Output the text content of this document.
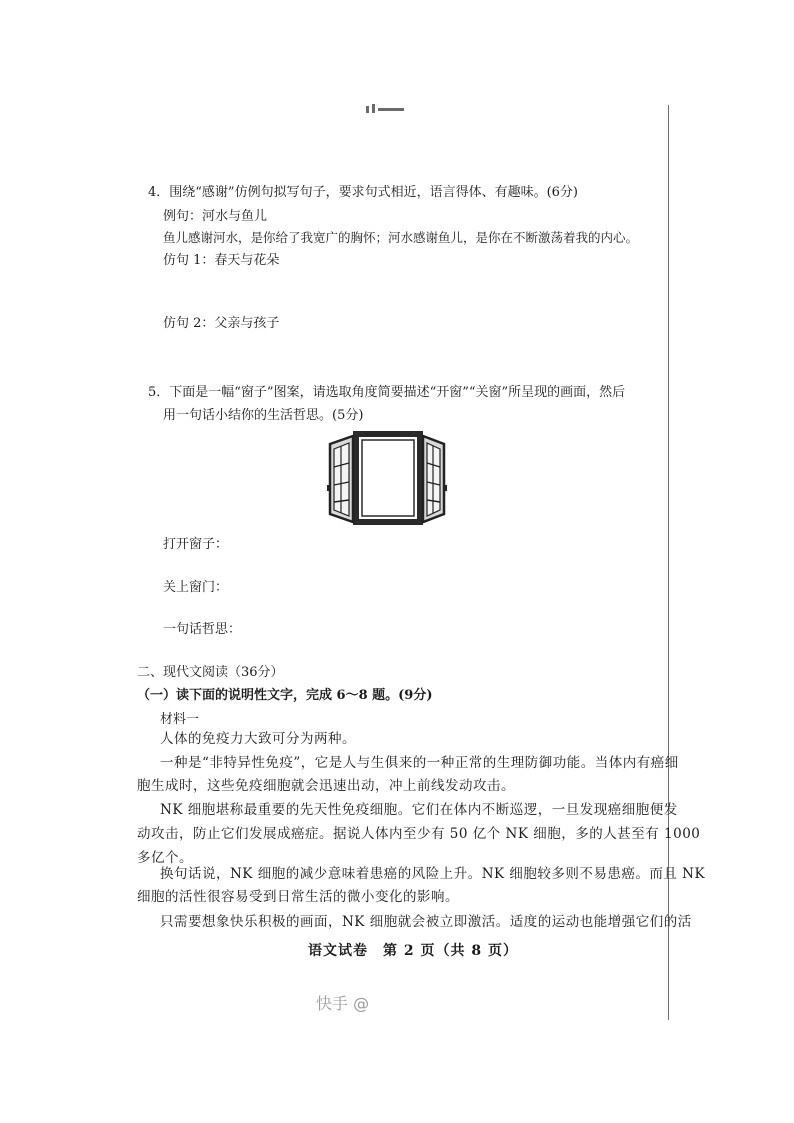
4．围绕“感谢”仿例句拟写句子，要求句式相近，语言得体、有趣味。(6分)
例句：河水与鱼儿
鱼儿感谢河水，是你给了我宽广的胸怀；河水感谢鱼儿，是你在不断激荡着我的内心。
仿句 1：春天与花朵
仿句 2：父亲与孩子
5．下面是一幅“窗子”图案，请选取角度简要描述“开窗”“关窗”所呈现的画面，然后
用一句话小结你的生活哲思。(5分)
打开窗子：
关上窗门：
一句话哲思：
二、现代文阅读（36分）
（一）读下面的说明性文字，完成 6～8 题。(9分)
材料一
人体的免疫力大致可分为两种。
一种是“非特异性免疫”，它是人与生俱来的一种正常的生理防御功能。当体内有癌细
胞生成时，这些免疫细胞就会迅速出动，冲上前线发动攻击。
NK 细胞堪称最重要的先天性免疫细胞。它们在体内不断巡逻，一旦发现癌细胞便发
动攻击，防止它们发展成癌症。据说人体内至少有 50 亿个 NK 细胞，多的人甚至有 1000
多亿个。
换句话说，NK 细胞的减少意味着患癌的风险上升。NK 细胞较多则不易患癌。而且 NK
细胞的活性很容易受到日常生活的微小变化的影响。
只需要想象快乐积极的画面，NK 细胞就会被立即激活。适度的运动也能增强它们的活
语文试卷　第 2 页（共 8 页）
快手 @
